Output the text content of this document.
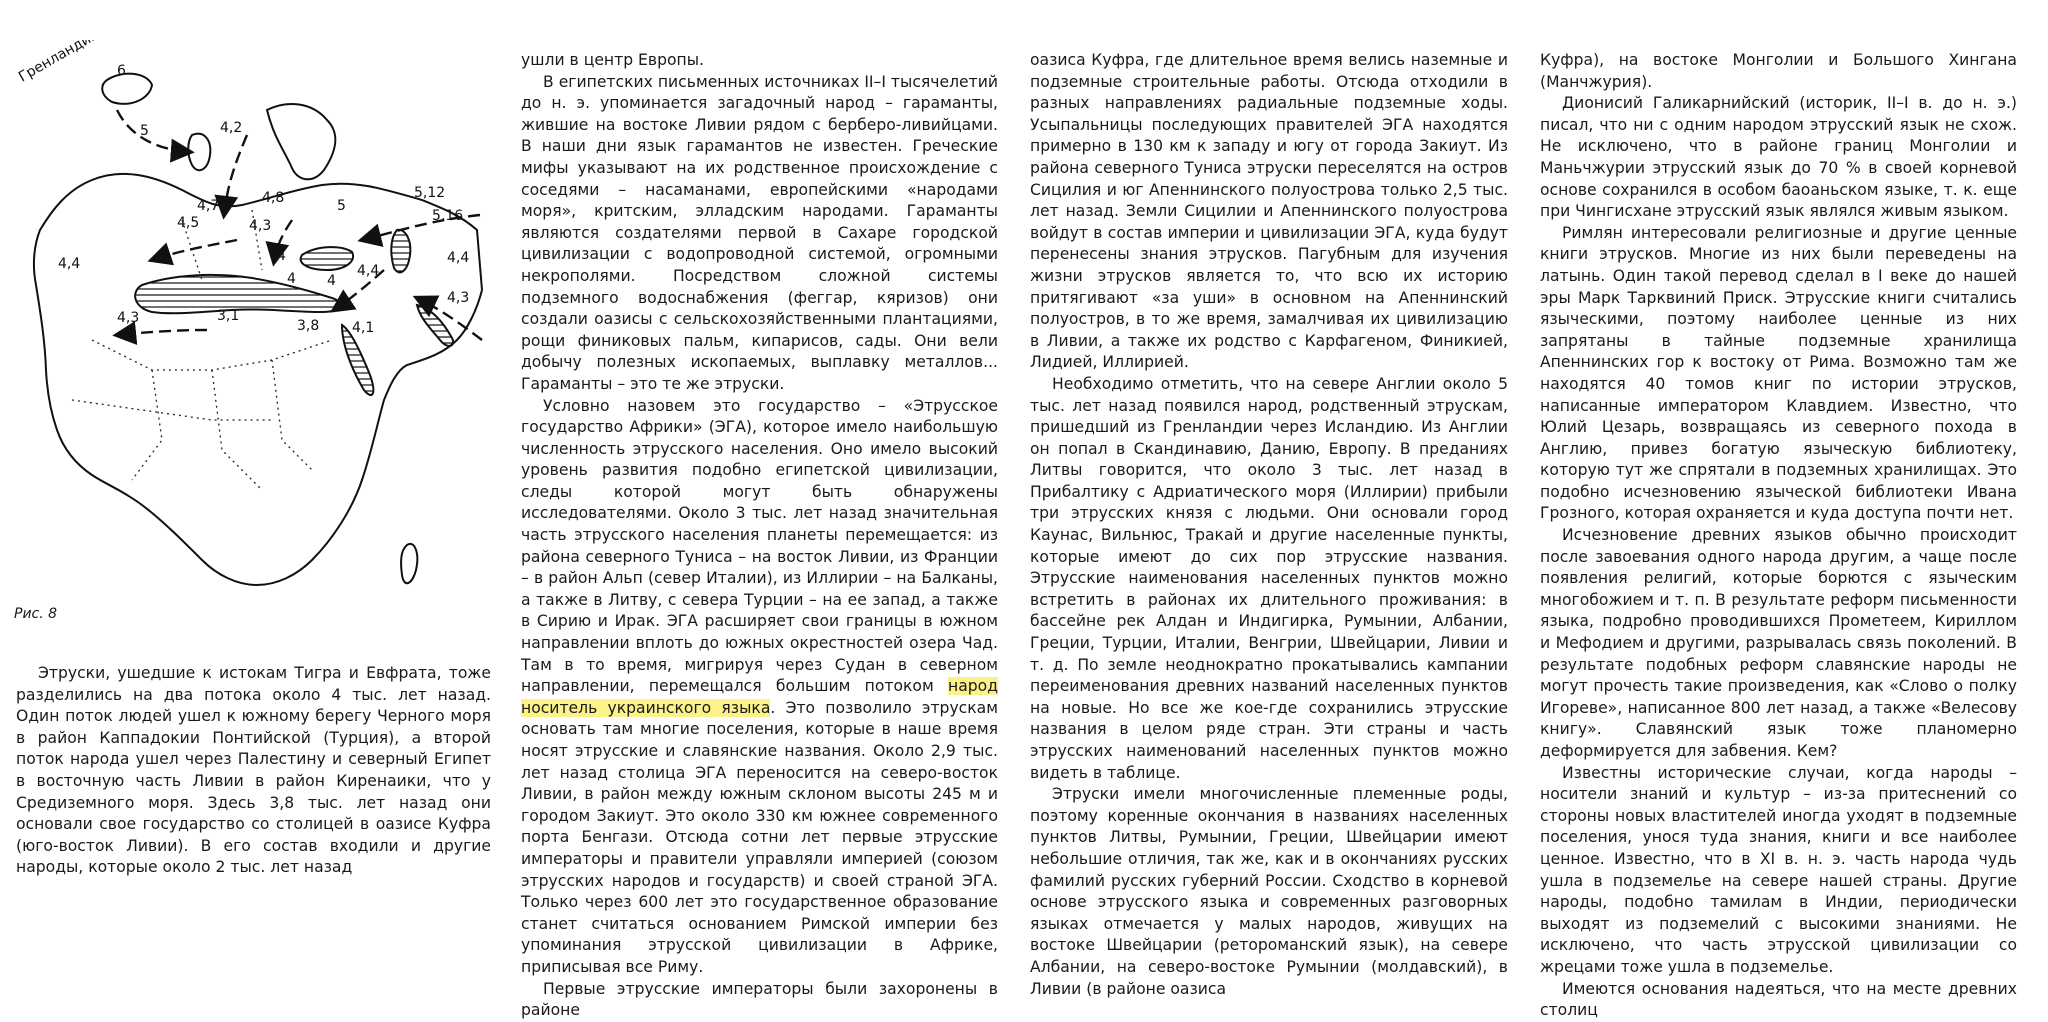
Гренландия 6
5	4,2
4,7	4,8
4,5	4,3
5
5,12
5,16
4,4
4,4	4,4
4
4 4
4,3
4,3	3,1
3,8 4,1
Рис. 8

Этруски, ушедшие к истокам Тигра и Евфрата, тоже разделились на два потока около 4 тыс. лет назад. Один поток людей ушел к южному берегу Черного моря в район Каппадокии Понтийской (Турция), а второй поток народа ушел через Палестину и северный Египет в восточную часть Ливии в район Киренаики, что у Средиземного моря. Здесь 3,8 тыс. лет назад они основали свое государство со столицей в оазисе Куфра (юго-восток Ливии). В его состав входили и другие народы, которые около 2 тыс. лет назад

ушли в центр Европы.

В египетских письменных источниках II–I тысячелетий до н. э. упоминается загадочный народ – гараманты, жившие на востоке Ливии рядом с берберо-ливийцами. В наши дни язык гарамантов не известен. Греческие мифы указывают на их родственное происхождение с соседями – насаманами, европейскими «народами моря», критским, элладским народами. Гараманты являются создателями первой в Сахаре городской цивилизации с водопроводной системой, огромными некрополями. Посредством сложной системы подземного водоснабжения (феггар, кяризов) они создали оазисы с сельскохозяйственными плантациями, рощи финиковых пальм, кипарисов, сады. Они вели добычу полезных ископаемых, выплавку металлов... Гараманты – это те же этруски.

Условно назовем это государство – «Этрусское государство Африки» (ЭГА), которое имело наибольшую численность этрусского населения. Оно имело высокий уровень развития подобно египетской цивилизации, следы которой могут быть обнаружены исследователями. Около 3 тыс. лет назад значительная часть этрусского населения планеты перемещается: из района северного Туниса – на восток Ливии, из Франции – в район Альп (север Италии), из Иллирии – на Балканы, а также в Литву, с севера Турции – на ее запад, а также в Сирию и Ирак. ЭГА расширяет свои границы в южном направлении вплоть до южных окрестностей озера Чад. Там в то время, мигрируя через Судан в северном направлении, перемещался большим потоком народ носитель украинского языка. Это позволило этрускам основать там многие поселения, которые в наше время носят этрусские и славянские названия. Около 2,9 тыс. лет назад столица ЭГА переносится на северо-восток Ливии, в район между южным склоном высоты 245 м и городом Закиут. Это около 330 км южнее современного порта Бенгази. Отсюда сотни лет первые этрусские императоры и правители управляли империей (союзом этрусских народов и государств) и своей страной ЭГА. Только через 600 лет это государственное образование станет считаться основанием Римской империи без упоминания этрусской цивилизации в Африке, приписывая все Риму.

Первые этрусские императоры были захоронены в районе

оазиса Куфра, где длительное время велись наземные и подземные строительные работы. Отсюда отходили в разных направлениях радиальные подземные ходы. Усыпальницы последующих правителей ЭГА находятся примерно в 130 км к западу и югу от города Закиут. Из района северного Туниса этруски переселятся на остров Сицилия и юг Апеннинского полуострова только 2,5 тыс. лет назад. Земли Сицилии и Апеннинского полуострова войдут в состав империи и цивилизации ЭГА, куда будут перенесены знания этрусков. Пагубным для изучения жизни этрусков является то, что всю их историю притягивают «за уши» в основном на Апеннинский полуостров, в то же время, замалчивая их цивилизацию в Ливии, а также их родство с Карфагеном, Финикией, Лидией, Иллирией.

Необходимо отметить, что на севере Англии около 5 тыс. лет назад появился народ, родственный этрускам, пришедший из Гренландии через Исландию. Из Англии он попал в Скандинавию, Данию, Европу. В преданиях Литвы говорится, что около 3 тыс. лет назад в Прибалтику с Адриатического моря (Иллирии) прибыли три этрусских князя с людьми. Они основали город Каунас, Вильнюс, Тракай и другие населенные пункты, которые имеют до сих пор этрусские названия. Этрусские наименования населенных пунктов можно встретить в районах их длительного проживания: в бассейне рек Алдан и Индигирка, Румынии, Албании, Греции, Турции, Италии, Венгрии, Швейцарии, Ливии и т. д. По земле неоднократно прокатывались кампании переименования древних названий населенных пунктов на новые. Но все же кое-где сохранились этрусские названия в целом ряде стран. Эти страны и часть этрусских наименований населенных пунктов можно видеть в таблице.

Этруски имели многочисленные племенные роды, поэтому коренные окончания в названиях населенных пунктов Литвы, Румынии, Греции, Швейцарии имеют небольшие отличия, так же, как и в окончаниях русских фамилий русских губерний России. Сходство в корневой основе этрусского языка и современных разговорных языках отмечается у малых народов, живущих на востоке Швейцарии (ретороманский язык), на севере Албании, на северо-востоке Румынии (молдавский), в Ливии (в районе оазиса

Куфра), на востоке Монголии и Большого Хингана (Манчжурия).

Дионисий Галикарнийский (историк, II–I в. до н. э.) писал, что ни с одним народом этрусский язык не схож. Не исключено, что в районе границ Монголии и Маньчжурии этрусский язык до 70 % в своей корневой основе сохранился в особом баоаньском языке, т. к. еще при Чингисхане этрусский язык являлся живым языком.

Римлян интересовали религиозные и другие ценные книги этрусков. Многие из них были переведены на латынь. Один такой перевод сделал в I веке до нашей эры Марк Тарквиний Приск. Этрусские книги считались языческими, поэтому наиболее ценные из них запрятаны в тайные подземные хранилища Апеннинских гор к востоку от Рима. Возможно там же находятся 40 томов книг по истории этрусков, написанные императором Клавдием. Известно, что Юлий Цезарь, возвращаясь из северного похода в Англию, привез богатую языческую библиотеку, которую тут же спрятали в подземных хранилищах. Это подобно исчезновению языческой библиотеки Ивана Грозного, которая охраняется и куда доступа почти нет.

Исчезновение древних языков обычно происходит после завоевания одного народа другим, а чаще после появления религий, которые борются с языческим многобожием и т. п. В результате реформ письменности языка, подробно проводившихся Прометеем, Кириллом и Мефодием и другими, разрывалась связь поколений. В результате подобных реформ славянские народы не могут прочесть такие произведения, как «Слово о полку Игореве», написанное 800 лет назад, а также «Велесову книгу». Славянский язык тоже планомерно деформируется для забвения. Кем?

Известны исторические случаи, когда народы – носители знаний и культур – из-за притеснений со стороны новых властителей иногда уходят в подземные поселения, унося туда знания, книги и все наиболее ценное. Известно, что в XI в. н. э. часть народа чудь ушла в подземелье на севере нашей страны. Другие народы, подобно тамилам в Индии, периодически выходят из подземелий с высокими знаниями. Не исключено, что часть этрусской цивилизации со жрецами тоже ушла в подземелье.

Имеются основания надеяться, что на месте древних столиц
